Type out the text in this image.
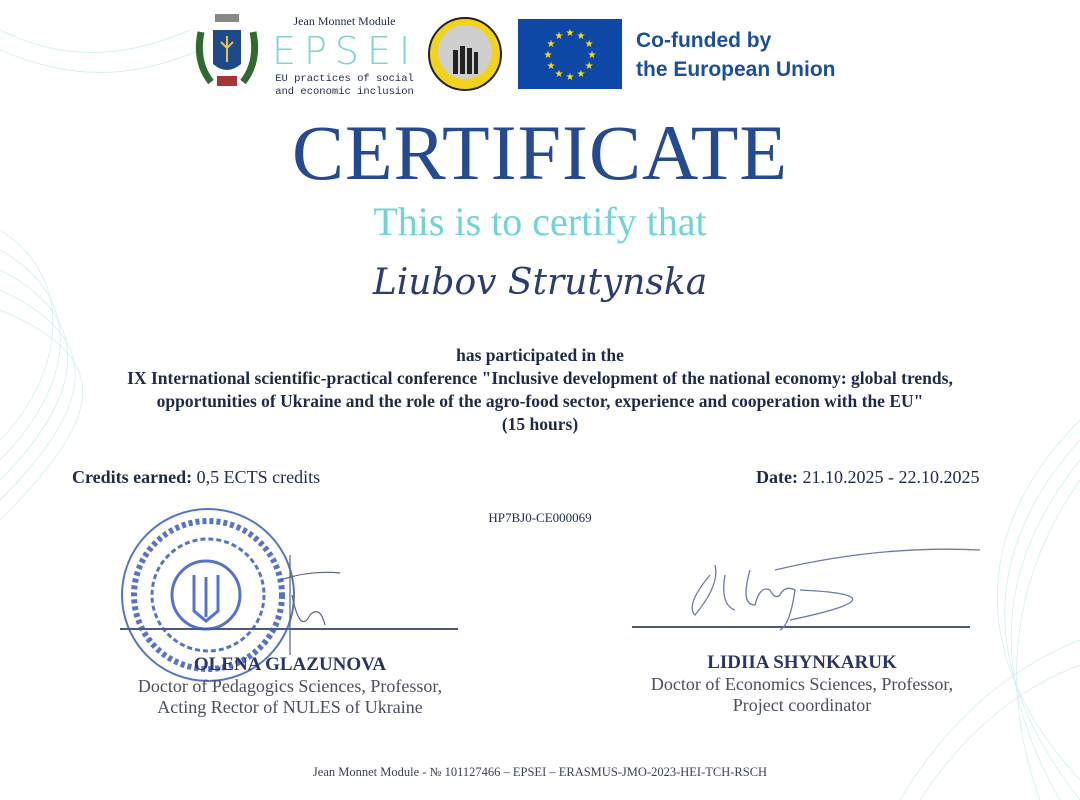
Jean Monnet Module
EPSEI
EU practices of social
and economic inclusion
★
★
★
★
★
★
★
★
★ ★ ★
★ Co-funded by
the European Union
CERTIFICATE
This is to certify that
Liubov Strutynska
has participated in the
IX International scientific-practical conference "Inclusive development of the national economy: global trends,
opportunities of Ukraine and the role of the agro-food sector, experience and cooperation with the EU"
(15 hours)
Credits earned: 0,5 ECTS credits	Date: 21.10.2025 - 22.10.2025
HP7BJ0-CE000069
OLENA GLAZUNOVA
Doctor of Pedagogics Sciences, Professor,
Acting Rector of NULES of Ukraine
LIDIIA SHYNKARUK
Doctor of Economics Sciences, Professor,
Project coordinator
Jean Monnet Module - № 101127466 – EPSEI – ERASMUS-JMO-2023-HEI-TCH-RSCH
